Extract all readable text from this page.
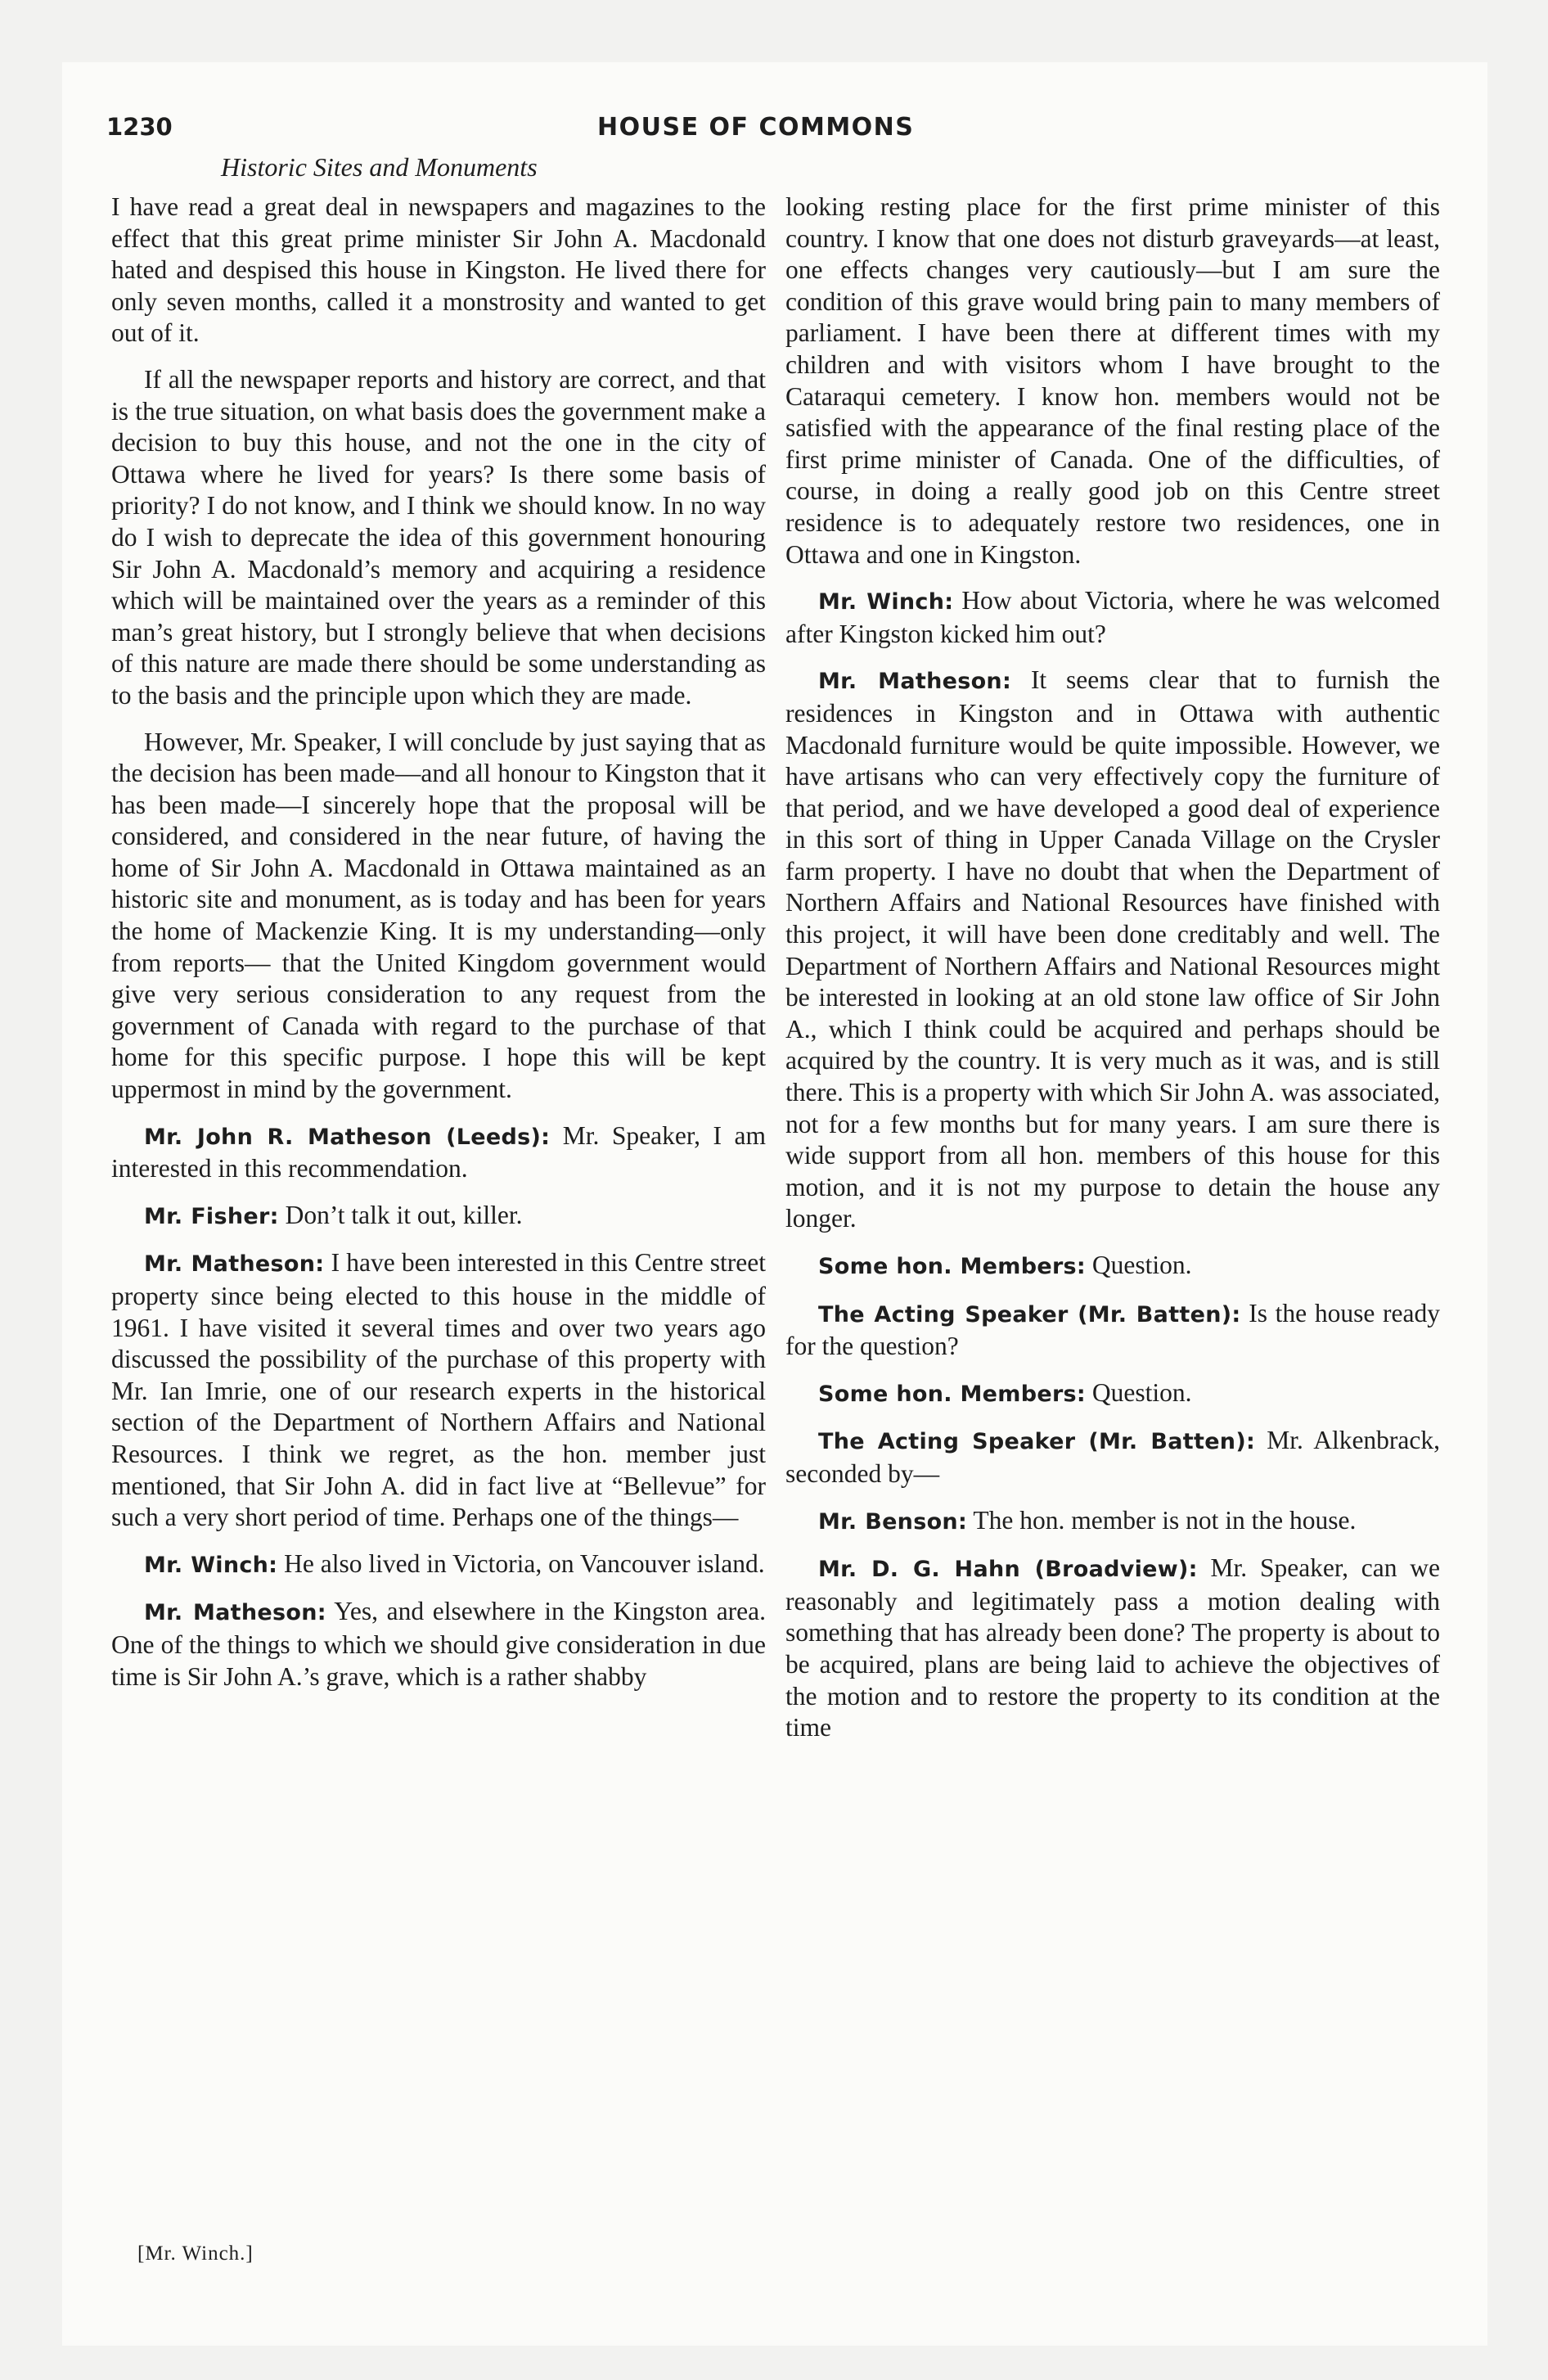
1230	HOUSE OF COMMONS
Historic Sites and Monuments

I have read a great deal in newspapers and magazines to the effect that this great prime minister Sir John A. Macdonald hated and despised this house in Kingston. He lived there for only seven months, called it a monstrosity and wanted to get out of it.

If all the newspaper reports and history are correct, and that is the true situation, on what basis does the government make a decision to buy this house, and not the one in the city of Ottawa where he lived for years? Is there some basis of priority? I do not know, and I think we should know. In no way do I wish to deprecate the idea of this government honouring Sir John A. Macdonald’s memory and acquiring a residence which will be maintained over the years as a reminder of this man’s great history, but I strongly believe that when decisions of this nature are made there should be some understanding as to the basis and the principle upon which they are made.

However, Mr. Speaker, I will conclude by just saying that as the decision has been made—and all honour to Kingston that it has been made—I sincerely hope that the proposal will be considered, and considered in the near future, of having the home of Sir John A. Macdonald in Ottawa maintained as an historic site and monument, as is today and has been for years the home of Mackenzie King. It is my understanding—only from reports— that the United Kingdom government would give very serious consideration to any request from the government of Canada with regard to the purchase of that home for this specific purpose. I hope this will be kept uppermost in mind by the government.

Mr. John R. Matheson (Leeds): Mr. Speaker, I am interested in this recommendation.

Mr. Fisher: Don’t talk it out, killer.

Mr. Matheson: I have been interested in this Centre street property since being elected to this house in the middle of 1961. I have visited it several times and over two years ago discussed the possibility of the purchase of this property with Mr. Ian Imrie, one of our research experts in the historical section of the Department of Northern Affairs and National Resources. I think we regret, as the hon. member just mentioned, that Sir John A. did in fact live at “Bellevue” for such a very short period of time. Perhaps one of the things—

Mr. Winch: He also lived in Victoria, on Vancouver island.

Mr. Matheson: Yes, and elsewhere in the Kingston area. One of the things to which we should give consideration in due time is Sir John A.’s grave, which is a rather shabby

looking resting place for the first prime minister of this country. I know that one does not disturb graveyards—at least, one effects changes very cautiously—but I am sure the condition of this grave would bring pain to many members of parliament. I have been there at different times with my children and with visitors whom I have brought to the Cataraqui cemetery. I know hon. members would not be satisfied with the appearance of the final resting place of the first prime minister of Canada. One of the difficulties, of course, in doing a really good job on this Centre street residence is to adequately restore two residences, one in Ottawa and one in Kingston.

Mr. Winch: How about Victoria, where he was welcomed after Kingston kicked him out?

Mr. Matheson: It seems clear that to furnish the residences in Kingston and in Ottawa with authentic Macdonald furniture would be quite impossible. However, we have artisans who can very effectively copy the furniture of that period, and we have developed a good deal of experience in this sort of thing in Upper Canada Village on the Crysler farm property. I have no doubt that when the Department of Northern Affairs and National Resources have finished with this project, it will have been done creditably and well. The Department of Northern Affairs and National Resources might be interested in looking at an old stone law office of Sir John A., which I think could be acquired and perhaps should be acquired by the country. It is very much as it was, and is still there. This is a property with which Sir John A. was associated, not for a few months but for many years. I am sure there is wide support from all hon. members of this house for this motion, and it is not my purpose to detain the house any longer.

Some hon. Members: Question.

The Acting Speaker (Mr. Batten): Is the house ready for the question?

Some hon. Members: Question.

The Acting Speaker (Mr. Batten): Mr. Alkenbrack, seconded by—

Mr. Benson: The hon. member is not in the house.

Mr. D. G. Hahn (Broadview): Mr. Speaker, can we reasonably and legitimately pass a motion dealing with something that has already been done? The property is about to be acquired, plans are being laid to achieve the objectives of the motion and to restore the property to its condition at the time

[Mr. Winch.]
